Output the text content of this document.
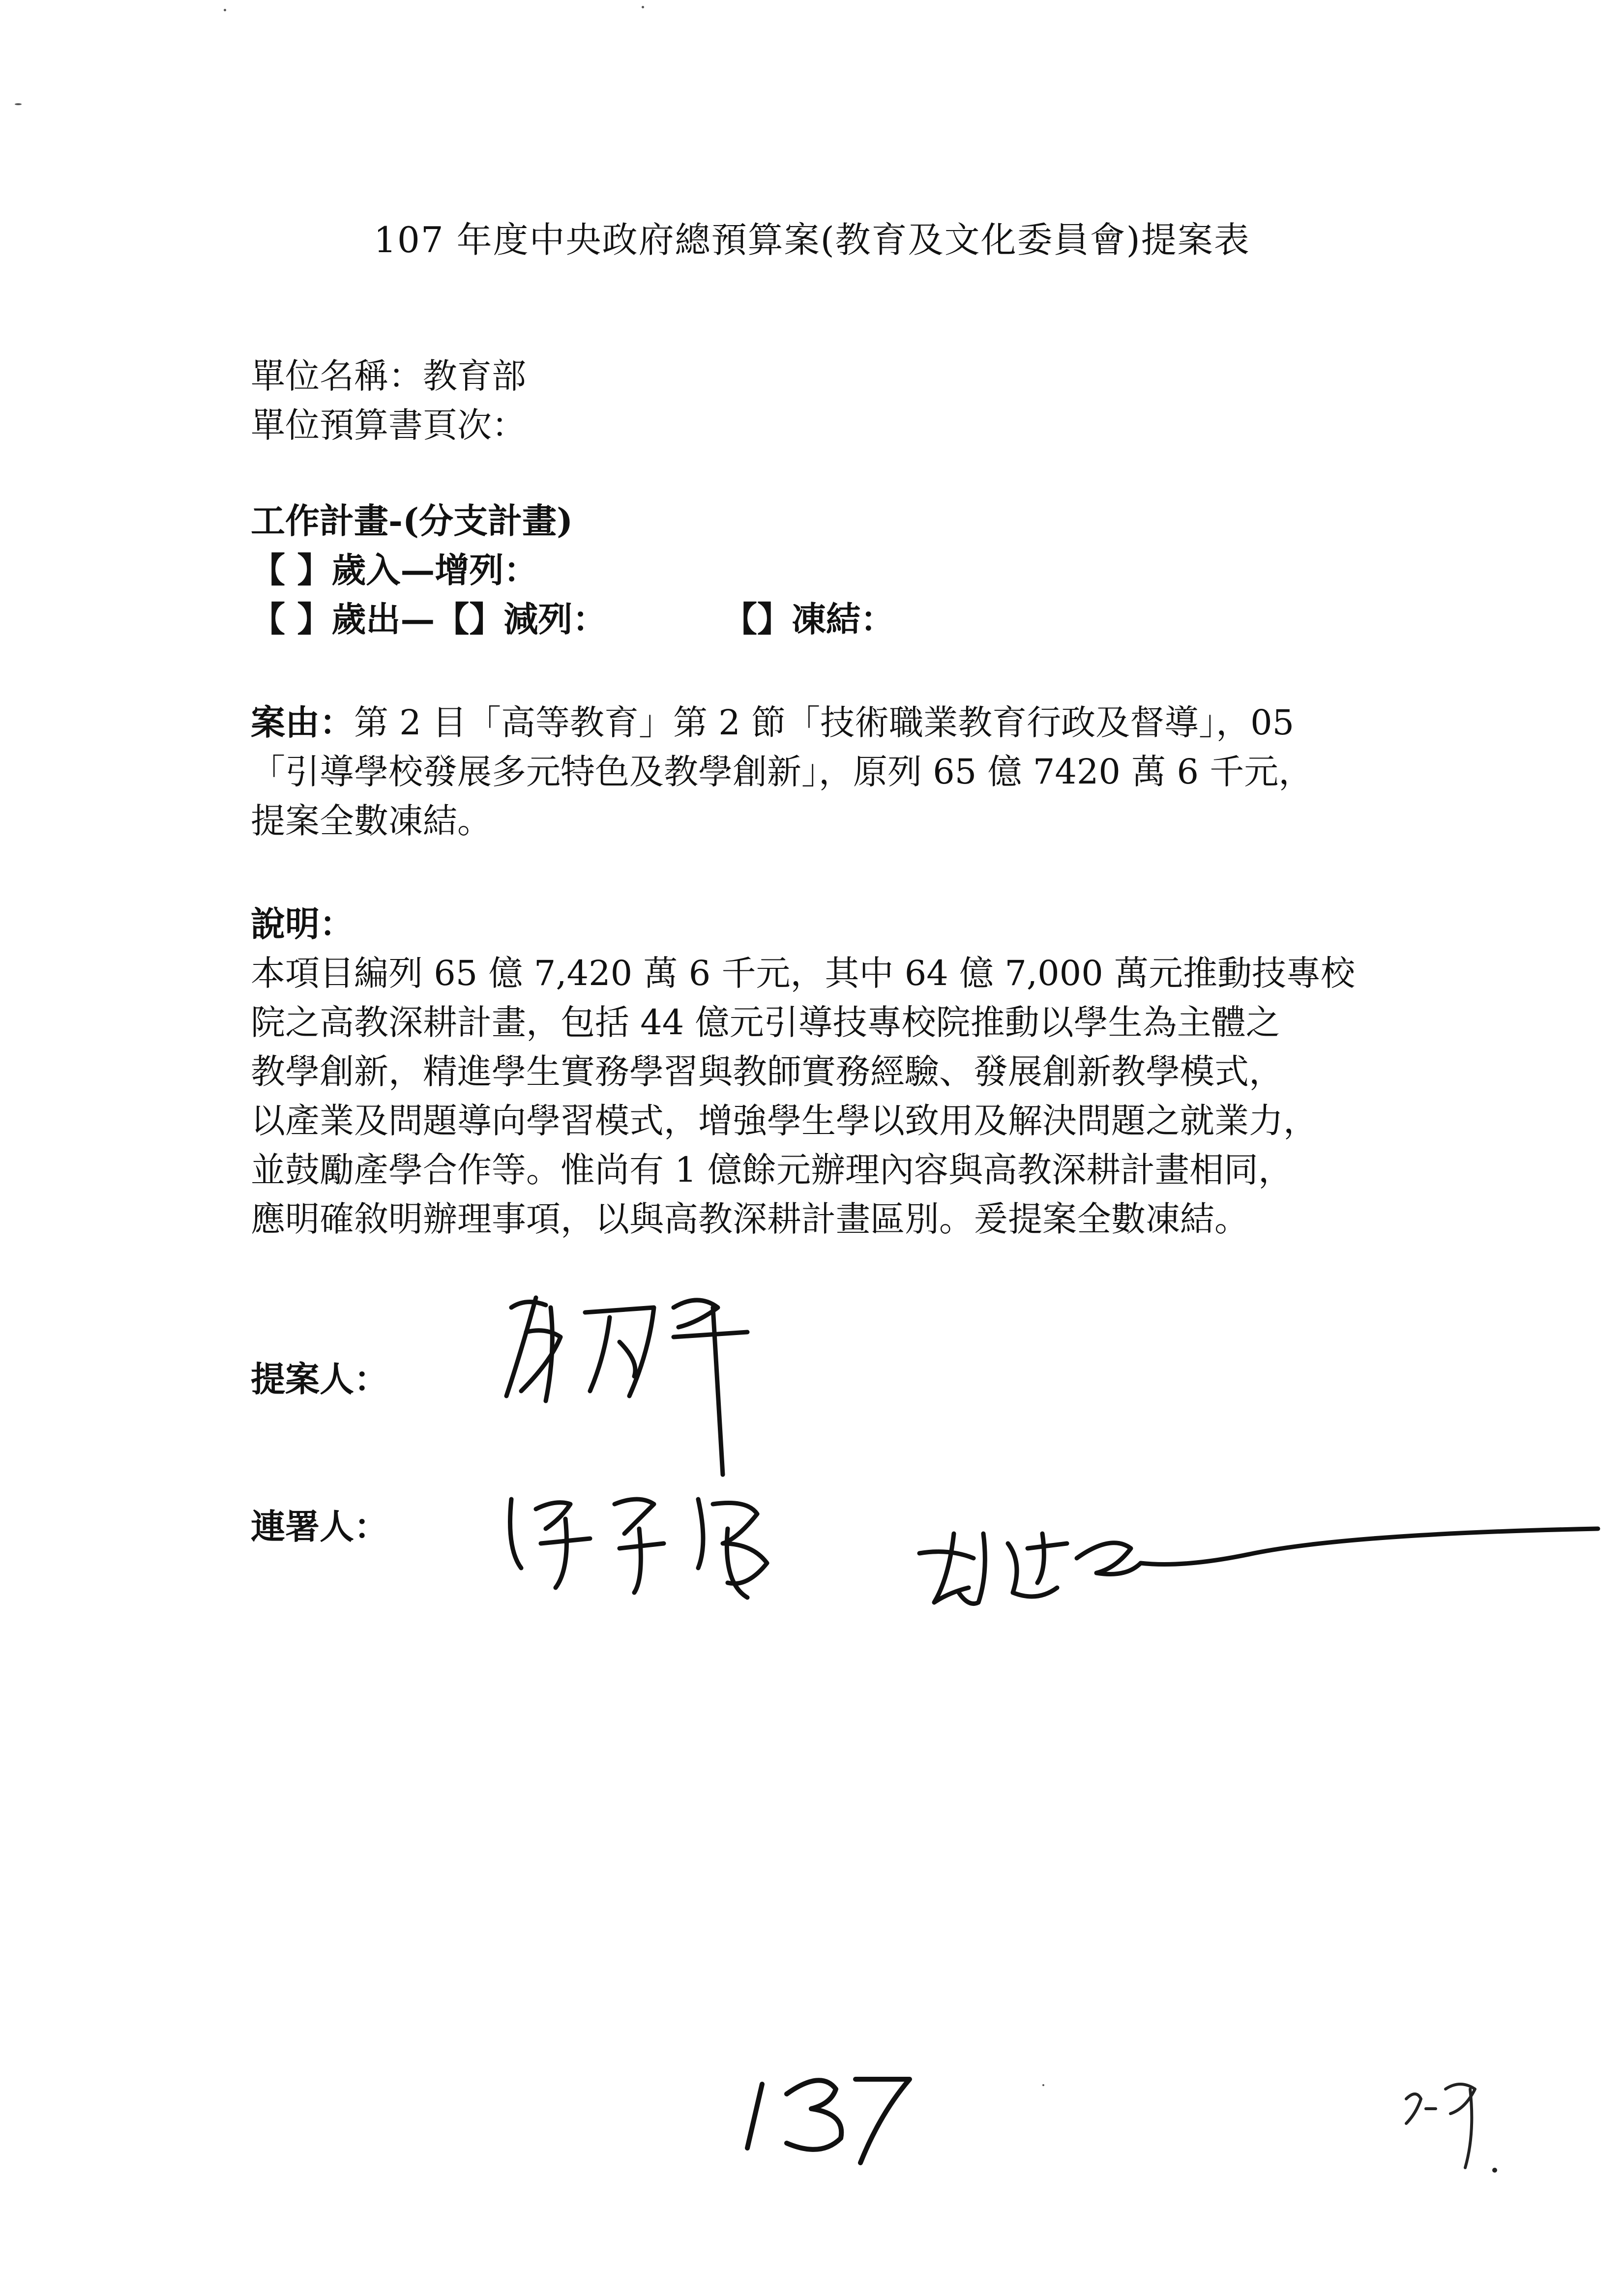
107 年度中央政府總預算案(教育及文化委員會)提案表
單位名稱：教育部
單位預算書頁次：
工作計畫-(分支計畫)
【 】歲入—增列：
【 】歲出—【】減列：	【】凍結：
案由：第 2 目「高等教育」第 2 節「技術職業教育行政及督導」，05
「引導學校發展多元特色及教學創新」，原列 65 億 7420 萬 6 千元，
提案全數凍結。
說明：
本項目編列 65 億 7,420 萬 6 千元，其中 64 億 7,000 萬元推動技專校
院之高教深耕計畫，包括 44 億元引導技專校院推動以學生為主體之
教學創新，精進學生實務學習與教師實務經驗、發展創新教學模式，
以產業及問題導向學習模式，增強學生學以致用及解決問題之就業力，
並鼓勵產學合作等。惟尚有 1 億餘元辦理內容與高教深耕計畫相同，
應明確敘明辦理事項，以與高教深耕計畫區別。爰提案全數凍結。
提案人：
連署人：
